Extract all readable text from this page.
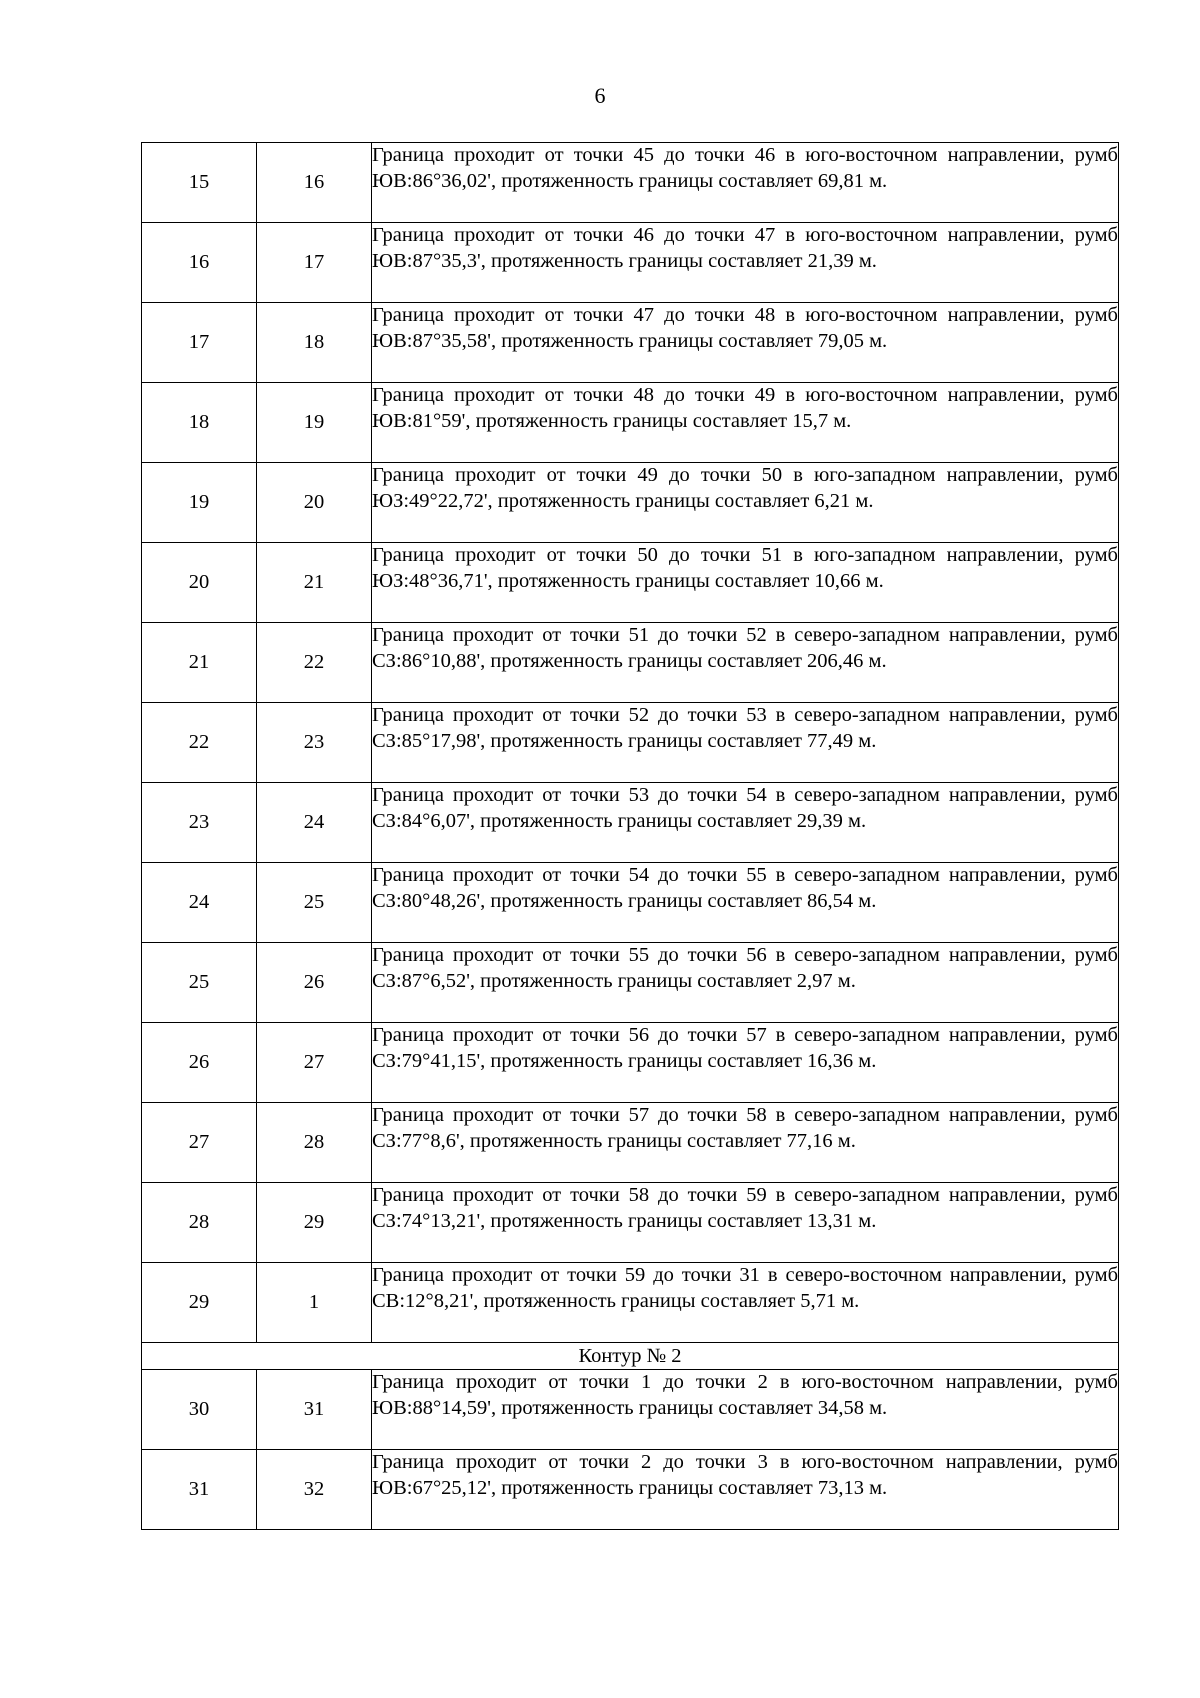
6
15	16	Граница проходит от точки 45 до точки 46 в юго-восточном направлении, румб ЮВ:86°36,02', протяженность границы составляет 69,81 м.
16	17	Граница проходит от точки 46 до точки 47 в юго-восточном направлении, румб ЮВ:87°35,3', протяженность границы составляет 21,39 м.
17	18	Граница проходит от точки 47 до точки 48 в юго-восточном направлении, румб ЮВ:87°35,58', протяженность границы составляет 79,05 м.
18	19	Граница проходит от точки 48 до точки 49 в юго-восточном направлении, румб ЮВ:81°59', протяженность границы составляет 15,7 м.
19	20	Граница проходит от точки 49 до точки 50 в юго-западном направлении, румб ЮЗ:49°22,72', протяженность границы составляет 6,21 м.
20	21	Граница проходит от точки 50 до точки 51 в юго-западном направлении, румб ЮЗ:48°36,71', протяженность границы составляет 10,66 м.
21	22	Граница проходит от точки 51 до точки 52 в северо-западном направлении, румб СЗ:86°10,88', протяженность границы составляет 206,46 м.
22	23	Граница проходит от точки 52 до точки 53 в северо-западном направлении, румб СЗ:85°17,98', протяженность границы составляет 77,49 м.
23	24	Граница проходит от точки 53 до точки 54 в северо-западном направлении, румб СЗ:84°6,07', протяженность границы составляет 29,39 м.
24	25	Граница проходит от точки 54 до точки 55 в северо-западном направлении, румб СЗ:80°48,26', протяженность границы составляет 86,54 м.
25	26	Граница проходит от точки 55 до точки 56 в северо-западном направлении, румб СЗ:87°6,52', протяженность границы составляет 2,97 м.
26	27	Граница проходит от точки 56 до точки 57 в северо-западном направлении, румб СЗ:79°41,15', протяженность границы составляет 16,36 м.
27	28	Граница проходит от точки 57 до точки 58 в северо-западном направлении, румб СЗ:77°8,6', протяженность границы составляет 77,16 м.
28	29	Граница проходит от точки 58 до точки 59 в северо-западном направлении, румб СЗ:74°13,21', протяженность границы составляет 13,31 м.
29	1	Граница проходит от точки 59 до точки 31 в северо-восточном направлении, румб СВ:12°8,21', протяженность границы составляет 5,71 м.
Контур № 2		
30	31	Граница проходит от точки 1 до точки 2 в юго-восточном направлении, румб ЮВ:88°14,59', протяженность границы составляет 34,58 м.
31	32	Граница проходит от точки 2 до точки 3 в юго-восточном направлении, румб ЮВ:67°25,12', протяженность границы составляет 73,13 м.
